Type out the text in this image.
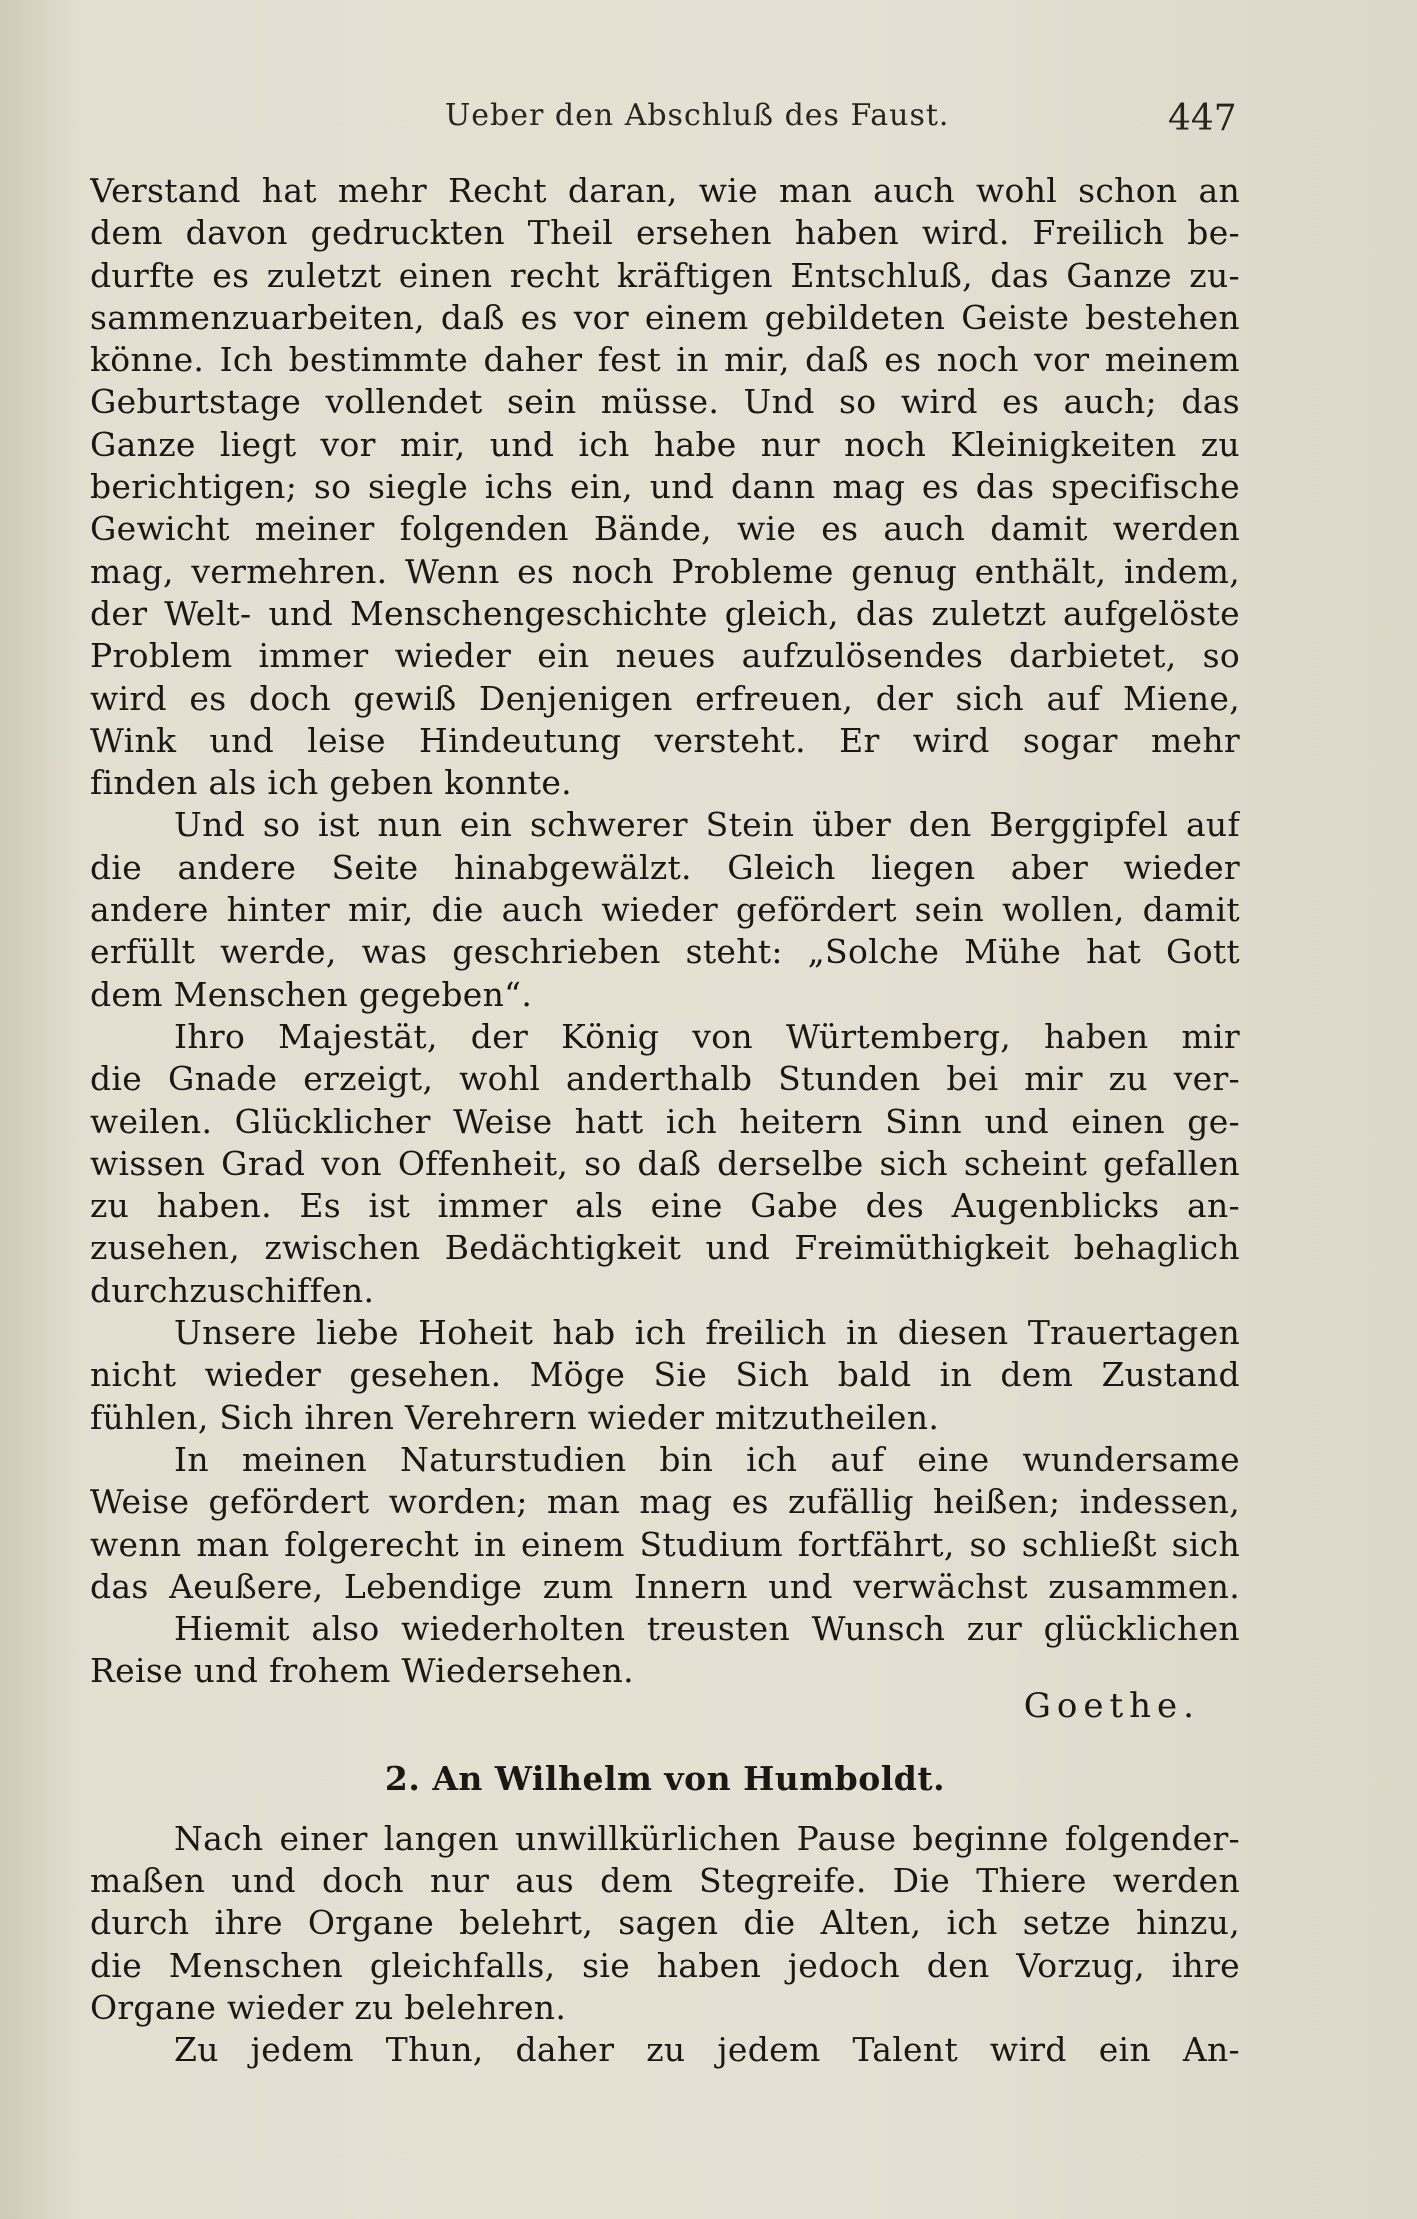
Ueber den Abschluß des Faust.	447
Verstand hat mehr Recht daran, wie man auch wohl schon an
dem davon gedruckten Theil ersehen haben wird. Freilich be-
durfte es zuletzt einen recht kräftigen Entschluß, das Ganze zu-
sammenzuarbeiten, daß es vor einem gebildeten Geiste bestehen
könne. Ich bestimmte daher fest in mir, daß es noch vor meinem
Geburtstage vollendet sein müsse. Und so wird es auch; das
Ganze liegt vor mir, und ich habe nur noch Kleinigkeiten zu
berichtigen; so siegle ichs ein, und dann mag es das specifische
Gewicht meiner folgenden Bände, wie es auch damit werden
mag, vermehren. Wenn es noch Probleme genug enthält, indem,
der Welt- und Menschengeschichte gleich, das zuletzt aufgelöste
Problem immer wieder ein neues aufzulösendes darbietet, so
wird es doch gewiß Denjenigen erfreuen, der sich auf Miene,
Wink und leise Hindeutung versteht. Er wird sogar mehr
finden als ich geben konnte.
Und so ist nun ein schwerer Stein über den Berggipfel auf
die andere Seite hinabgewälzt. Gleich liegen aber wieder
andere hinter mir, die auch wieder gefördert sein wollen, damit
erfüllt werde, was geschrieben steht: „Solche Mühe hat Gott
dem Menschen gegeben“.
Ihro Majestät, der König von Würtemberg, haben mir
die Gnade erzeigt, wohl anderthalb Stunden bei mir zu ver-
weilen. Glücklicher Weise hatt ich heitern Sinn und einen ge-
wissen Grad von Offenheit, so daß derselbe sich scheint gefallen
zu haben. Es ist immer als eine Gabe des Augenblicks an-
zusehen, zwischen Bedächtigkeit und Freimüthigkeit behaglich
durchzuschiffen.
Unsere liebe Hoheit hab ich freilich in diesen Trauertagen
nicht wieder gesehen. Möge Sie Sich bald in dem Zustand
fühlen, Sich ihren Verehrern wieder mitzutheilen.
In meinen Naturstudien bin ich auf eine wundersame
Weise gefördert worden; man mag es zufällig heißen; indessen,
wenn man folgerecht in einem Studium fortfährt, so schließt sich
das Aeußere, Lebendige zum Innern und verwächst zusammen.
Hiemit also wiederholten treusten Wunsch zur glücklichen
Reise und frohem Wiedersehen.
Goethe.
2. An Wilhelm von Humboldt.
Nach einer langen unwillkürlichen Pause beginne folgender-
maßen und doch nur aus dem Stegreife. Die Thiere werden
durch ihre Organe belehrt, sagen die Alten, ich setze hinzu,
die Menschen gleichfalls, sie haben jedoch den Vorzug, ihre
Organe wieder zu belehren.
Zu jedem Thun, daher zu jedem Talent wird ein An-
